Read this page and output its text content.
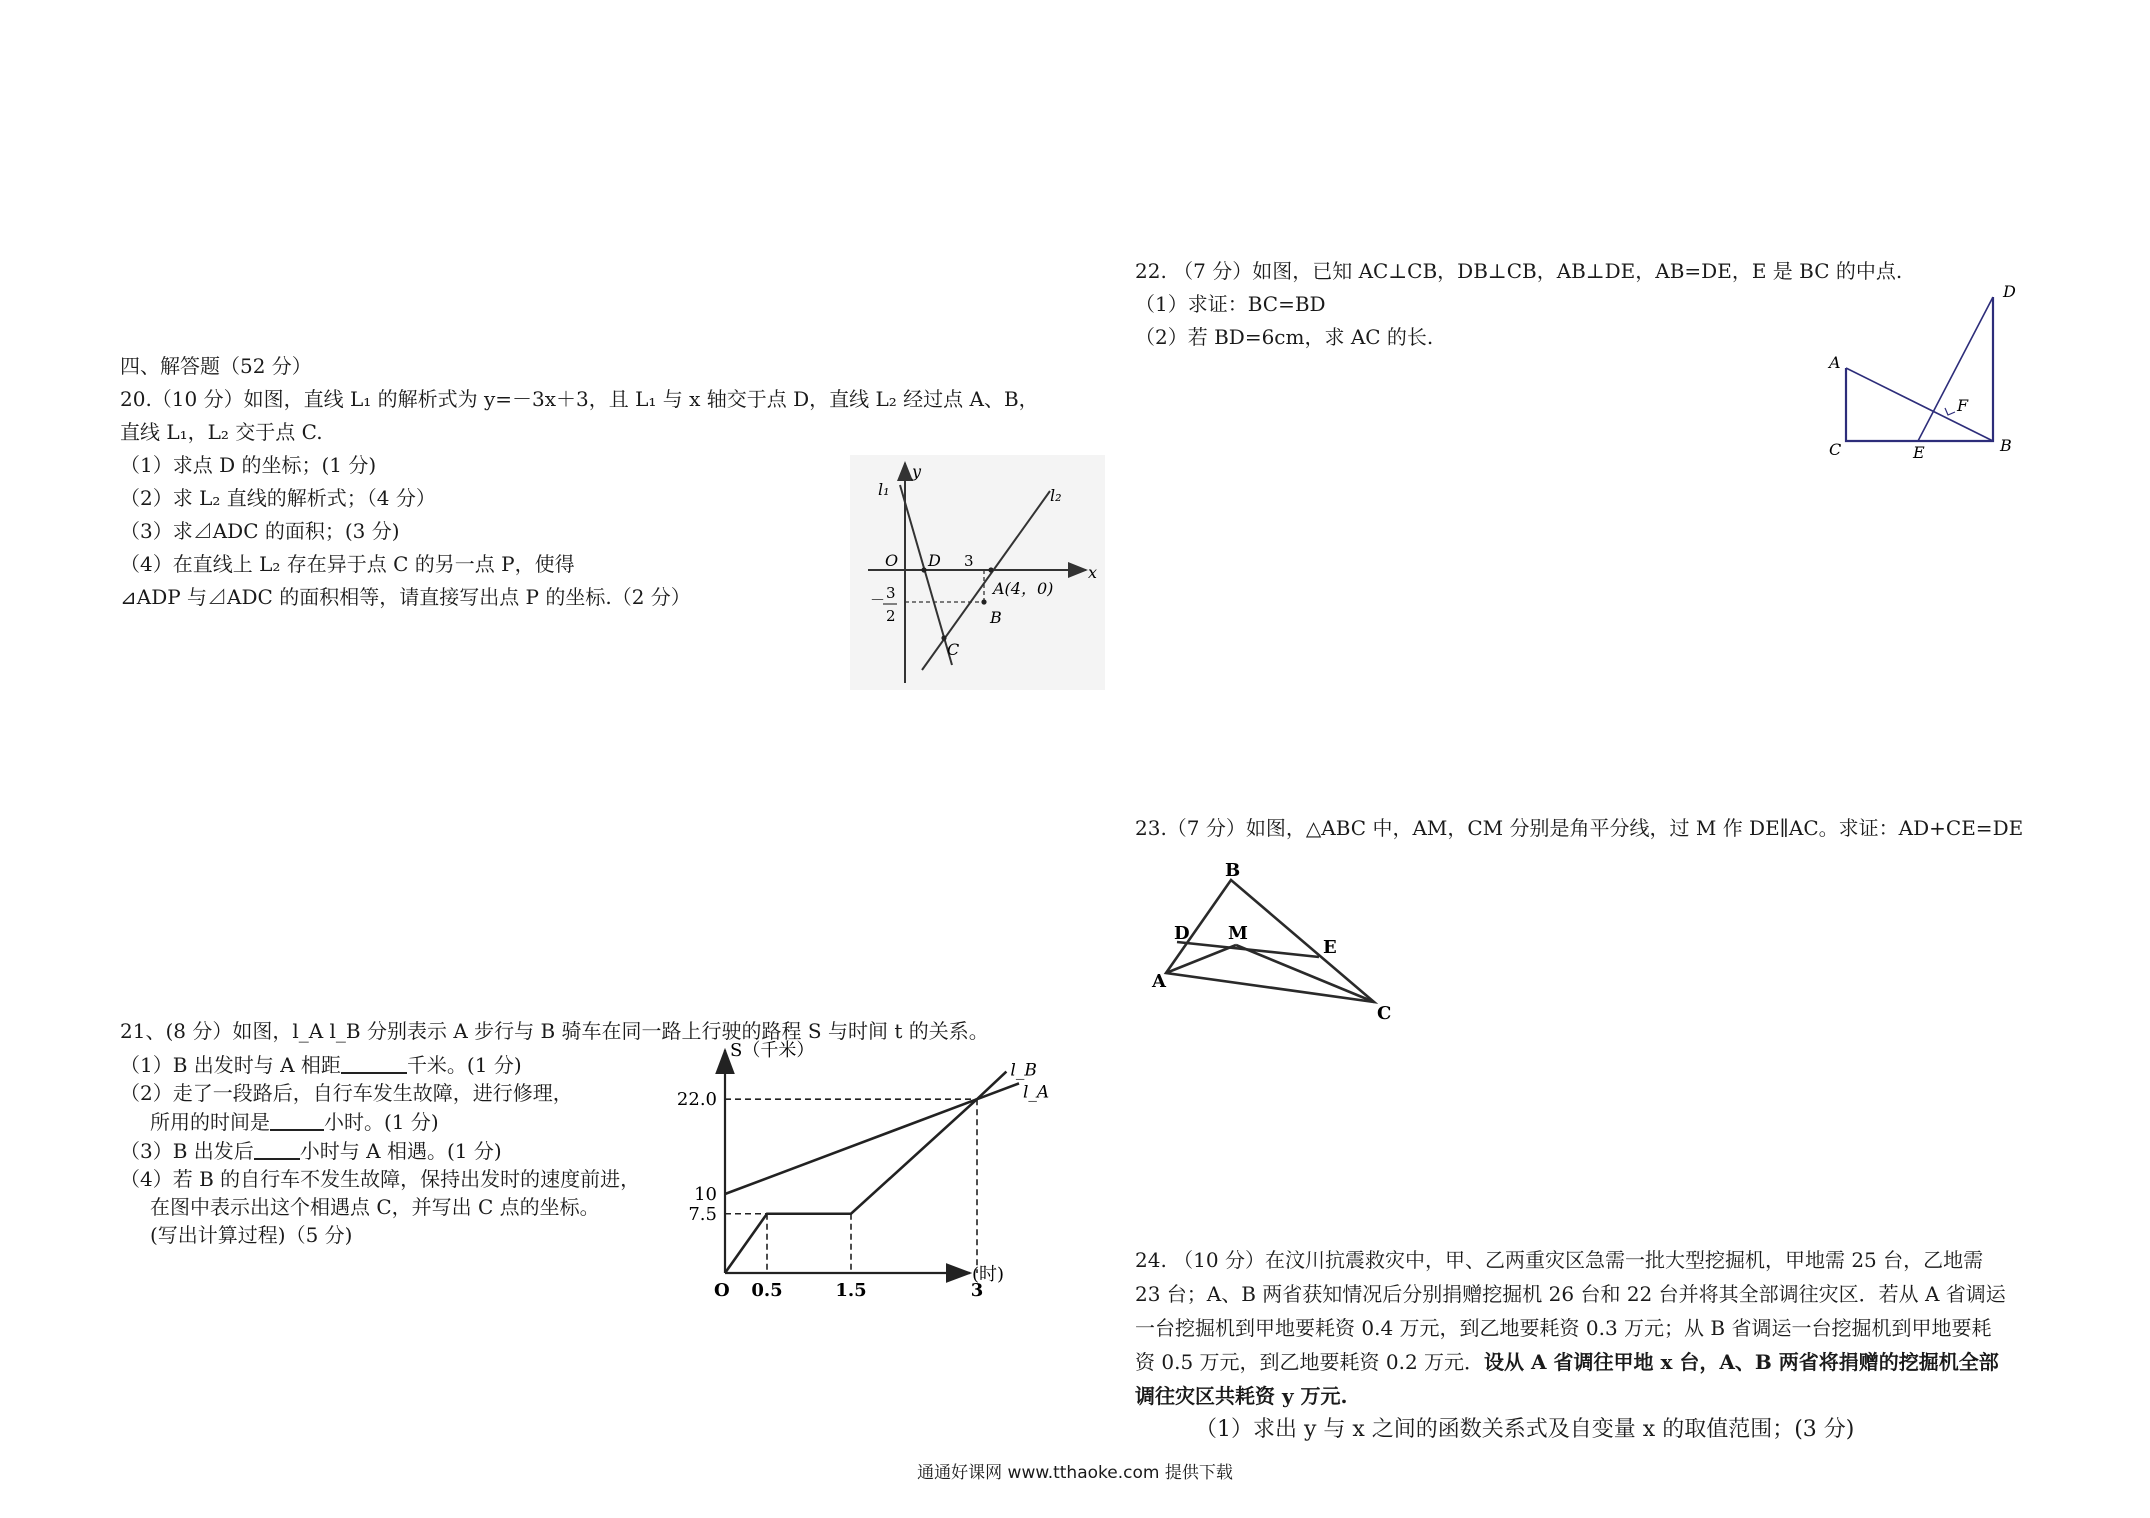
四、解答题（52 分）
20.（10 分）如图，直线 L₁ 的解析式为 y=－3x＋3，且 L₁ 与 x 轴交于点 D，直线 L₂ 经过点 A、B，
直线 L₁，L₂ 交于点 C.
（1）求点 D 的坐标；(1 分)
（2）求 L₂ 直线的解析式；（4 分）
（3）求⊿ADC 的面积；(3 分)
（4）在直线上 L₂ 存在异于点 C 的另一点 P，使得
⊿ADP 与⊿ADC 的面积相等，请直接写出点 P 的坐标.（2 分）
l₁
y
l₂
x
O D 3
A(4，0)
B
C
－ 3
2
21、(8 分）如图，l_A l_B 分别表示 A 步行与 B 骑车在同一路上行驶的路程 S 与时间 t 的关系。
（1）B 出发时与 A 相距	千米。(1 分)
（2）走了一段路后，自行车发生故障，进行修理，
所用的时间是	小时。(1 分)
（3）B 出发后 小时与 A 相遇。(1 分)
（4）若 B 的自行车不发生故障，保持出发时的速度前进，
在图中表示出这个相遇点 C，并写出 C 点的坐标。
(写出计算过程)（5 分)
S（千米）
(时)
O
22.0
10
7.5
0.5	1.5	3
l_B
l_A
22. （7 分）如图，已知 AC⊥CB，DB⊥CB，AB⊥DE，AB=DE，E 是 BC 的中点.
（1）求证：BC=BD
（2）若 BD=6cm，求 AC 的长.
A
D
C	E	B
F
23.（7 分）如图，△ABC 中，AM，CM 分别是角平分线，过 M 作 DE∥AC。求证：AD+CE=DE
B
D M
E
A
C
24. （10 分）在汶川抗震救灾中，甲、乙两重灾区急需一批大型挖掘机，甲地需 25 台，乙地需
23 台；A、B 两省获知情况后分别捐赠挖掘机 26 台和 22 台并将其全部调往灾区．若从 A 省调运
一台挖掘机到甲地要耗资 0.4 万元，到乙地要耗资 0.3 万元；从 B 省调运一台挖掘机到甲地要耗
资 0.5 万元，到乙地要耗资 0.2 万元．设从 A 省调往甲地 x 台，A、B 两省将捐赠的挖掘机全部
调往灾区共耗资 y 万元.
（1）求出 y 与 x 之间的函数关系式及自变量 x 的取值范围；(3 分)
通通好课网 www.tthaoke.com 提供下载
